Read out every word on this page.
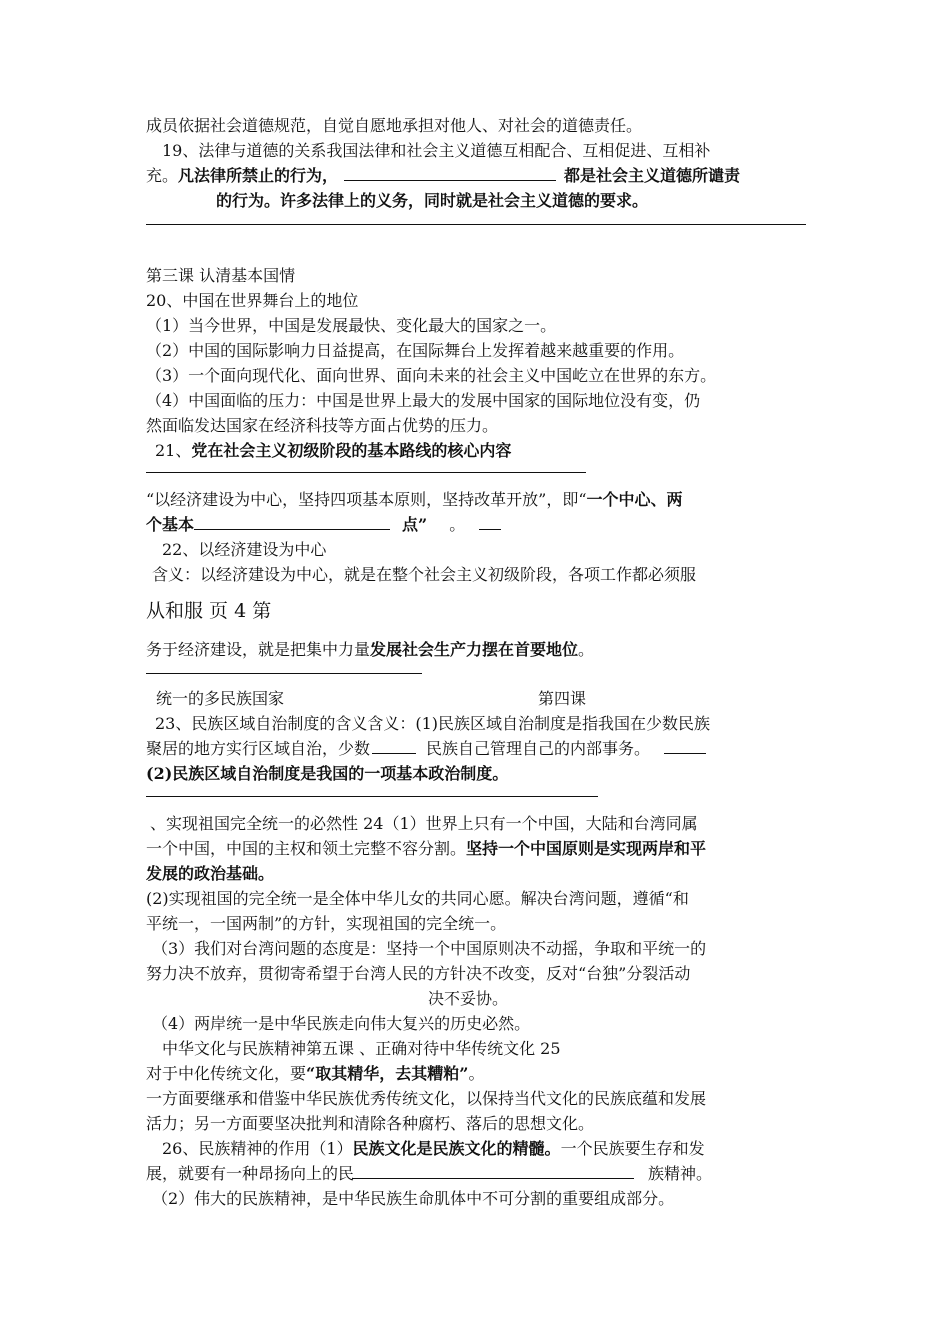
成员依据社会道德规范，自觉自愿地承担对他人、对社会的道德责任。
19、法律与道德的关系我国法律和社会主义道德互相配合、互相促进、互相补
充。凡法律所禁止的行为，	都是社会主义道德所谴责
的行为。许多法律上的义务，同时就是社会主义道德的要求。
第三课 认清基本国情
20、中国在世界舞台上的地位
（1）当今世界，中国是发展最快、变化最大的国家之一。
（2）中国的国际影响力日益提高，在国际舞台上发挥着越来越重要的作用。
（3）一个面向现代化、面向世界、面向未来的社会主义中国屹立在世界的东方。
（4）中国面临的压力：中国是世界上最大的发展中国家的国际地位没有变，仍
然面临发达国家在经济科技等方面占优势的压力。
21、党在社会主义初级阶段的基本路线的核心内容
“以经济建设为中心，坚持四项基本原则，坚持改革开放”，即“一个中心、两
个基本	点” 。
22、以经济建设为中心
含义：以经济建设为中心，就是在整个社会主义初级阶段，各项工作都必须服
从和服 页 4 第
务于经济建设，就是把集中力量发展社会生产力摆在首要地位。
统一的多民族国家	第四课
23、民族区域自治制度的含义含义：(1)民族区域自治制度是指我国在少数民族
聚居的地方实行区域自治，少数	民族自己管理自己的内部事务。
(2)民族区域自治制度是我国的一项基本政治制度。
、实现祖国完全统一的必然性 24（1）世界上只有一个中国，大陆和台湾同属
一个中国，中国的主权和领土完整不容分割。坚持一个中国原则是实现两岸和平
发展的政治基础。
(2)实现祖国的完全统一是全体中华儿女的共同心愿。解决台湾问题，遵循“和
平统一，一国两制”的方针，实现祖国的完全统一。
（3）我们对台湾问题的态度是：坚持一个中国原则决不动摇，争取和平统一的
努力决不放弃，贯彻寄希望于台湾人民的方针决不改变，反对“台独”分裂活动
决不妥协。
（4）两岸统一是中华民族走向伟大复兴的历史必然。
中华文化与民族精神第五课 、正确对待中华传统文化 25
对于中化传统文化，要“取其精华，去其糟粕”。
一方面要继承和借鉴中华民族优秀传统文化，以保持当代文化的民族底蕴和发展
活力；另一方面要坚决批判和清除各种腐朽、落后的思想文化。
26、民族精神的作用（1）民族文化是民族文化的精髓。一个民族要生存和发
展，就要有一种昂扬向上的民	族精神。
（2）伟大的民族精神，是中华民族生命肌体中不可分割的重要组成部分。
